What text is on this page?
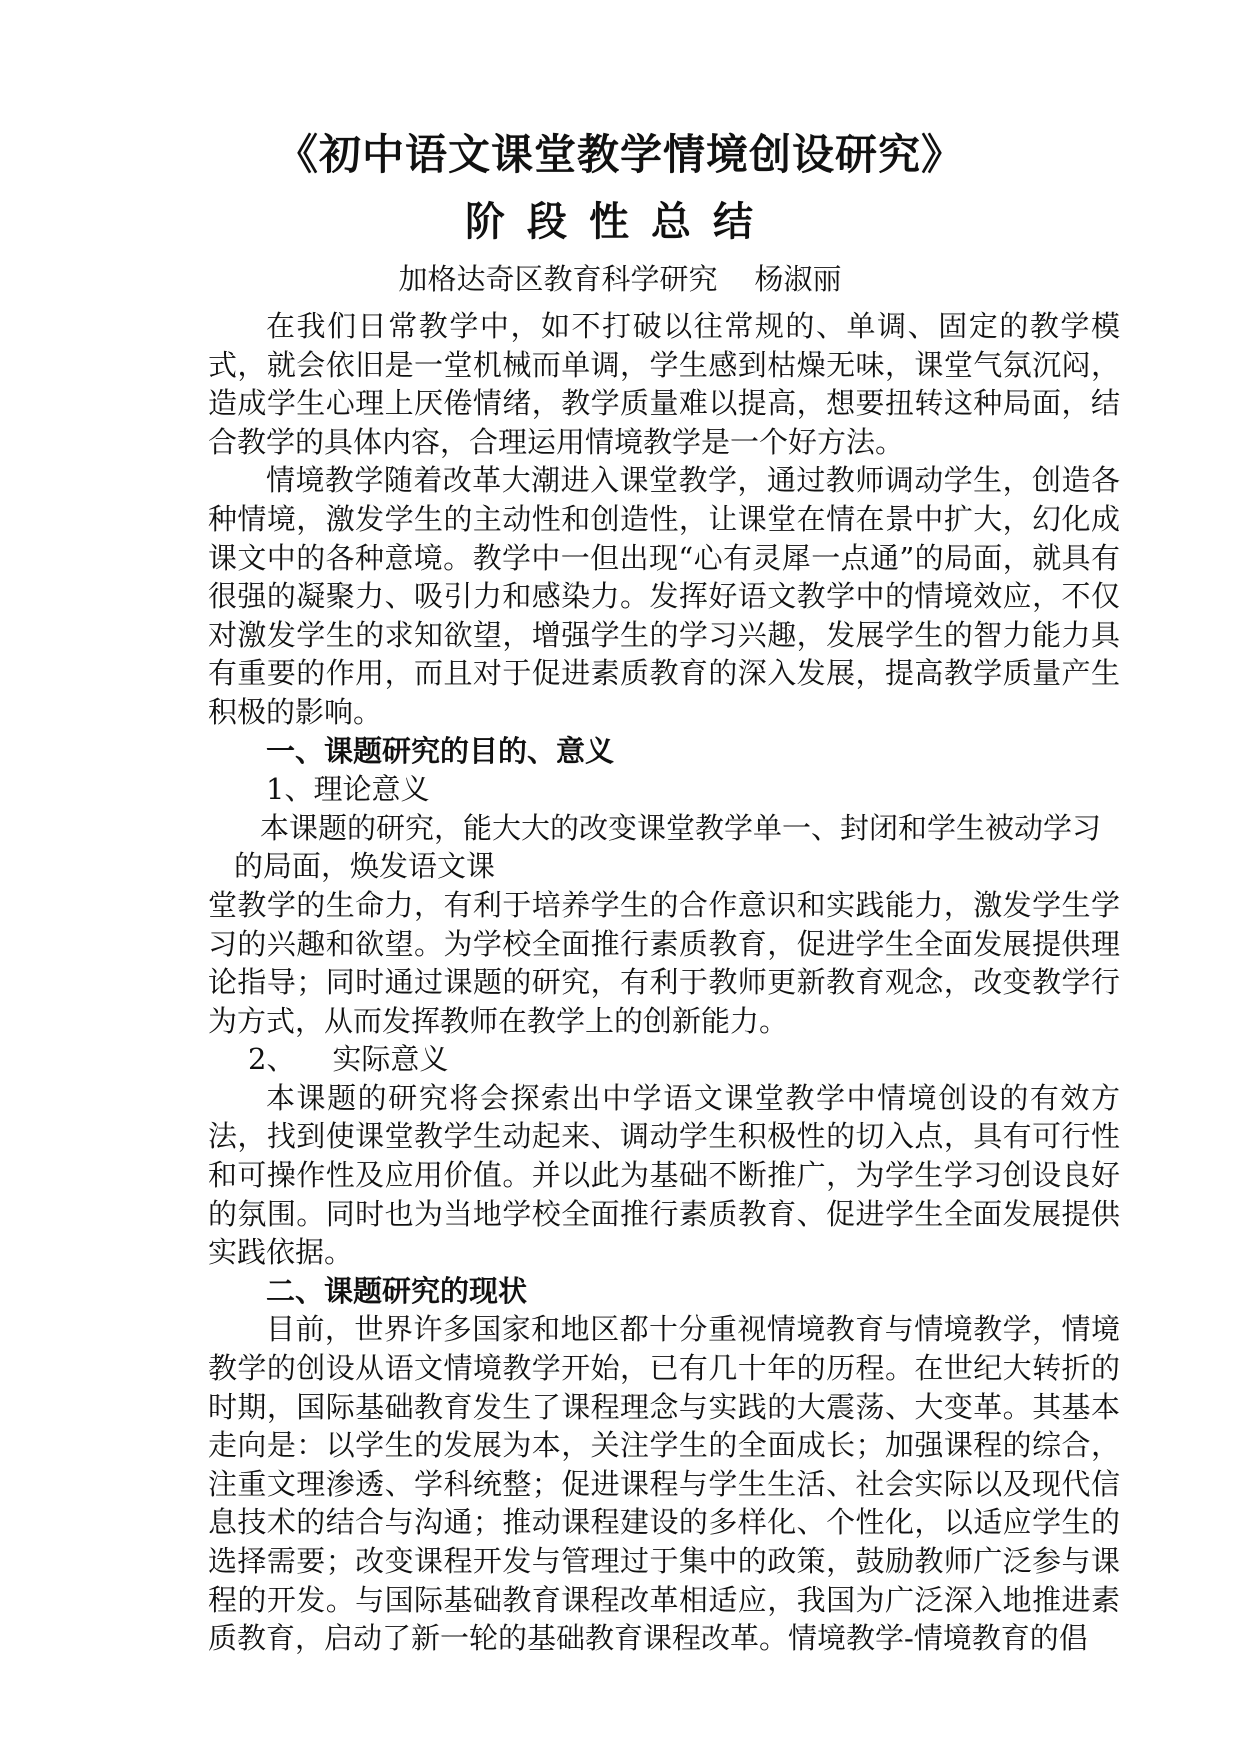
《初中语文课堂教学情境创设研究》
阶段性总结

加格达奇区教育科学研究 杨淑丽

在我们日常教学中，如不打破以往常规的、单调、固定的教学模式，就会依旧是一堂机械而单调，学生感到枯燥无味，课堂气氛沉闷，造成学生心理上厌倦情绪，教学质量难以提高，想要扭转这种局面，结合教学的具体内容，合理运用情境教学是一个好方法。

情境教学随着改革大潮进入课堂教学，通过教师调动学生，创造各种情境，激发学生的主动性和创造性，让课堂在情在景中扩大，幻化成课文中的各种意境。教学中一但出现“心有灵犀一点通”的局面，就具有很强的凝聚力、吸引力和感染力。发挥好语文教学中的情境效应，不仅对激发学生的求知欲望，增强学生的学习兴趣，发展学生的智力能力具有重要的作用，而且对于促进素质教育的深入发展，提高教学质量产生积极的影响。

一、课题研究的目的、意义

1、理论意义

本课题的研究，能大大的改变课堂教学单一、封闭和学生被动学习

的局面，焕发语文课

堂教学的生命力，有利于培养学生的合作意识和实践能力，激发学生学习的兴趣和欲望。为学校全面推行素质教育，促进学生全面发展提供理论指导；同时通过课题的研究，有利于教师更新教育观念，改变教学行为方式，从而发挥教师在教学上的创新能力。

2、    实际意义

本课题的研究将会探索出中学语文课堂教学中情境创设的有效方法，找到使课堂教学生动起来、调动学生积极性的切入点，具有可行性和可操作性及应用价值。并以此为基础不断推广，为学生学习创设良好的氛围。同时也为当地学校全面推行素质教育、促进学生全面发展提供实践依据。

二、课题研究的现状

目前，世界许多国家和地区都十分重视情境教育与情境教学，情境教学的创设从语文情境教学开始，已有几十年的历程。在世纪大转折的时期，国际基础教育发生了课程理念与实践的大震荡、大变革。其基本走向是：以学生的发展为本，关注学生的全面成长；加强课程的综合，注重文理渗透、学科统整；促进课程与学生生活、社会实际以及现代信息技术的结合与沟通；推动课程建设的多样化、个性化，以适应学生的选择需要；改变课程开发与管理过于集中的政策，鼓励教师广泛参与课程的开发。与国际基础教育课程改革相适应，我国为广泛深入地推进素质教育，启动了新一轮的基础教育课程改革。情境教学-情境教育的倡
